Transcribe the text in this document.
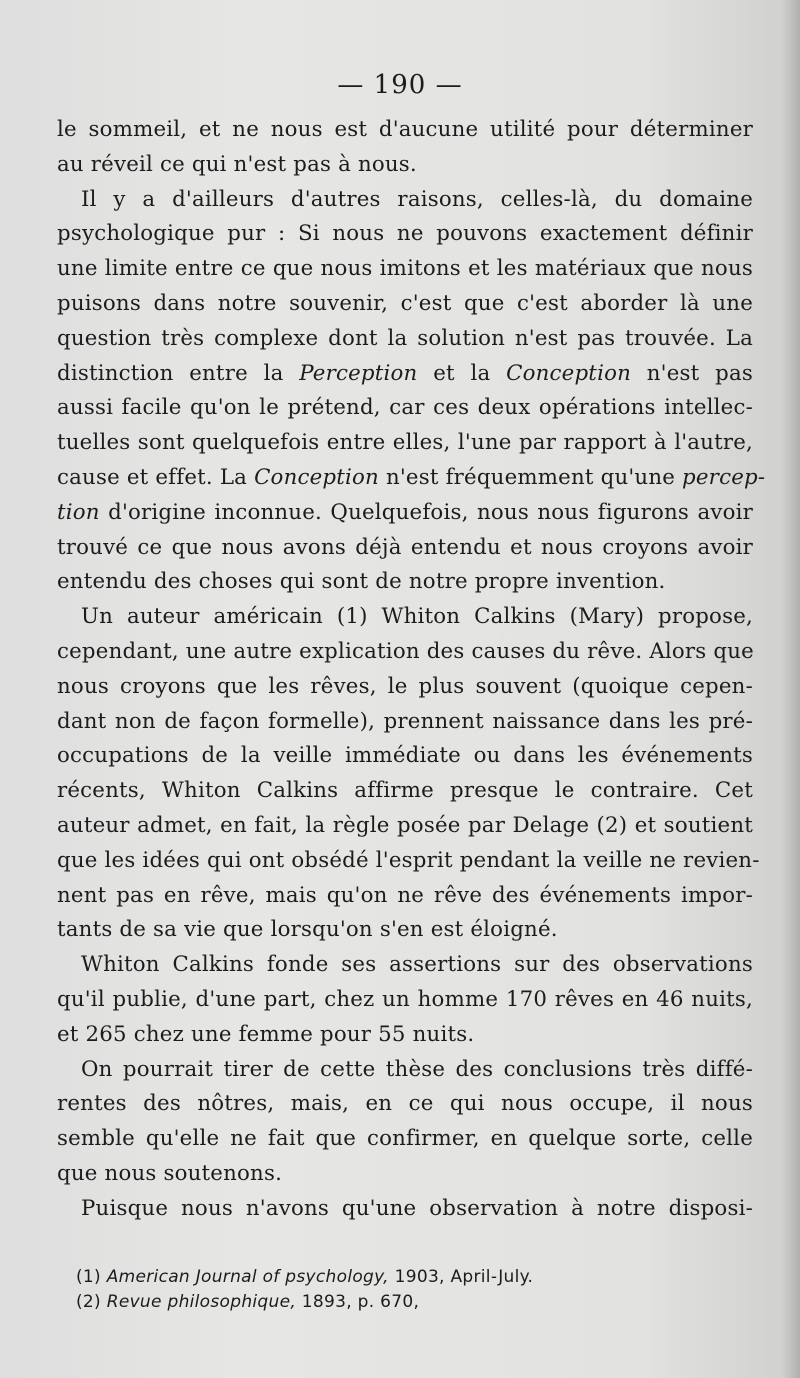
— 190 —
le sommeil, et ne nous est d'aucune utilité pour déterminer
au réveil ce qui n'est pas à nous.
Il y a d'ailleurs d'autres raisons, celles-là, du domaine
psychologique pur : Si nous ne pouvons exactement définir
une limite entre ce que nous imitons et les matériaux que nous
puisons dans notre souvenir, c'est que c'est aborder là une
question très complexe dont la solution n'est pas trouvée. La
distinction entre la Perception et la Conception n'est pas
aussi facile qu'on le prétend, car ces deux opérations intellec-
tuelles sont quelquefois entre elles, l'une par rapport à l'autre,
cause et effet. La Conception n'est fréquemment qu'une percep-
tion d'origine inconnue. Quelquefois, nous nous figurons avoir
trouvé ce que nous avons déjà entendu et nous croyons avoir
entendu des choses qui sont de notre propre invention.
Un auteur américain (1) Whiton Calkins (Mary) propose,
cependant, une autre explication des causes du rêve. Alors que
nous croyons que les rêves, le plus souvent (quoique cepen-
dant non de façon formelle), prennent naissance dans les pré-
occupations de la veille immédiate ou dans les événements
récents, Whiton Calkins affirme presque le contraire. Cet
auteur admet, en fait, la règle posée par Delage (2) et soutient
que les idées qui ont obsédé l'esprit pendant la veille ne revien-
nent pas en rêve, mais qu'on ne rêve des événements impor-
tants de sa vie que lorsqu'on s'en est éloigné.
Whiton Calkins fonde ses assertions sur des observations
qu'il publie, d'une part, chez un homme 170 rêves en 46 nuits,
et 265 chez une femme pour 55 nuits.
On pourrait tirer de cette thèse des conclusions très diffé-
rentes des nôtres, mais, en ce qui nous occupe, il nous
semble qu'elle ne fait que confirmer, en quelque sorte, celle
que nous soutenons.
Puisque nous n'avons qu'une observation à notre disposi-
(1) American Journal of psychology, 1903, April-July.
(2) Revue philosophique, 1893, p. 670,
